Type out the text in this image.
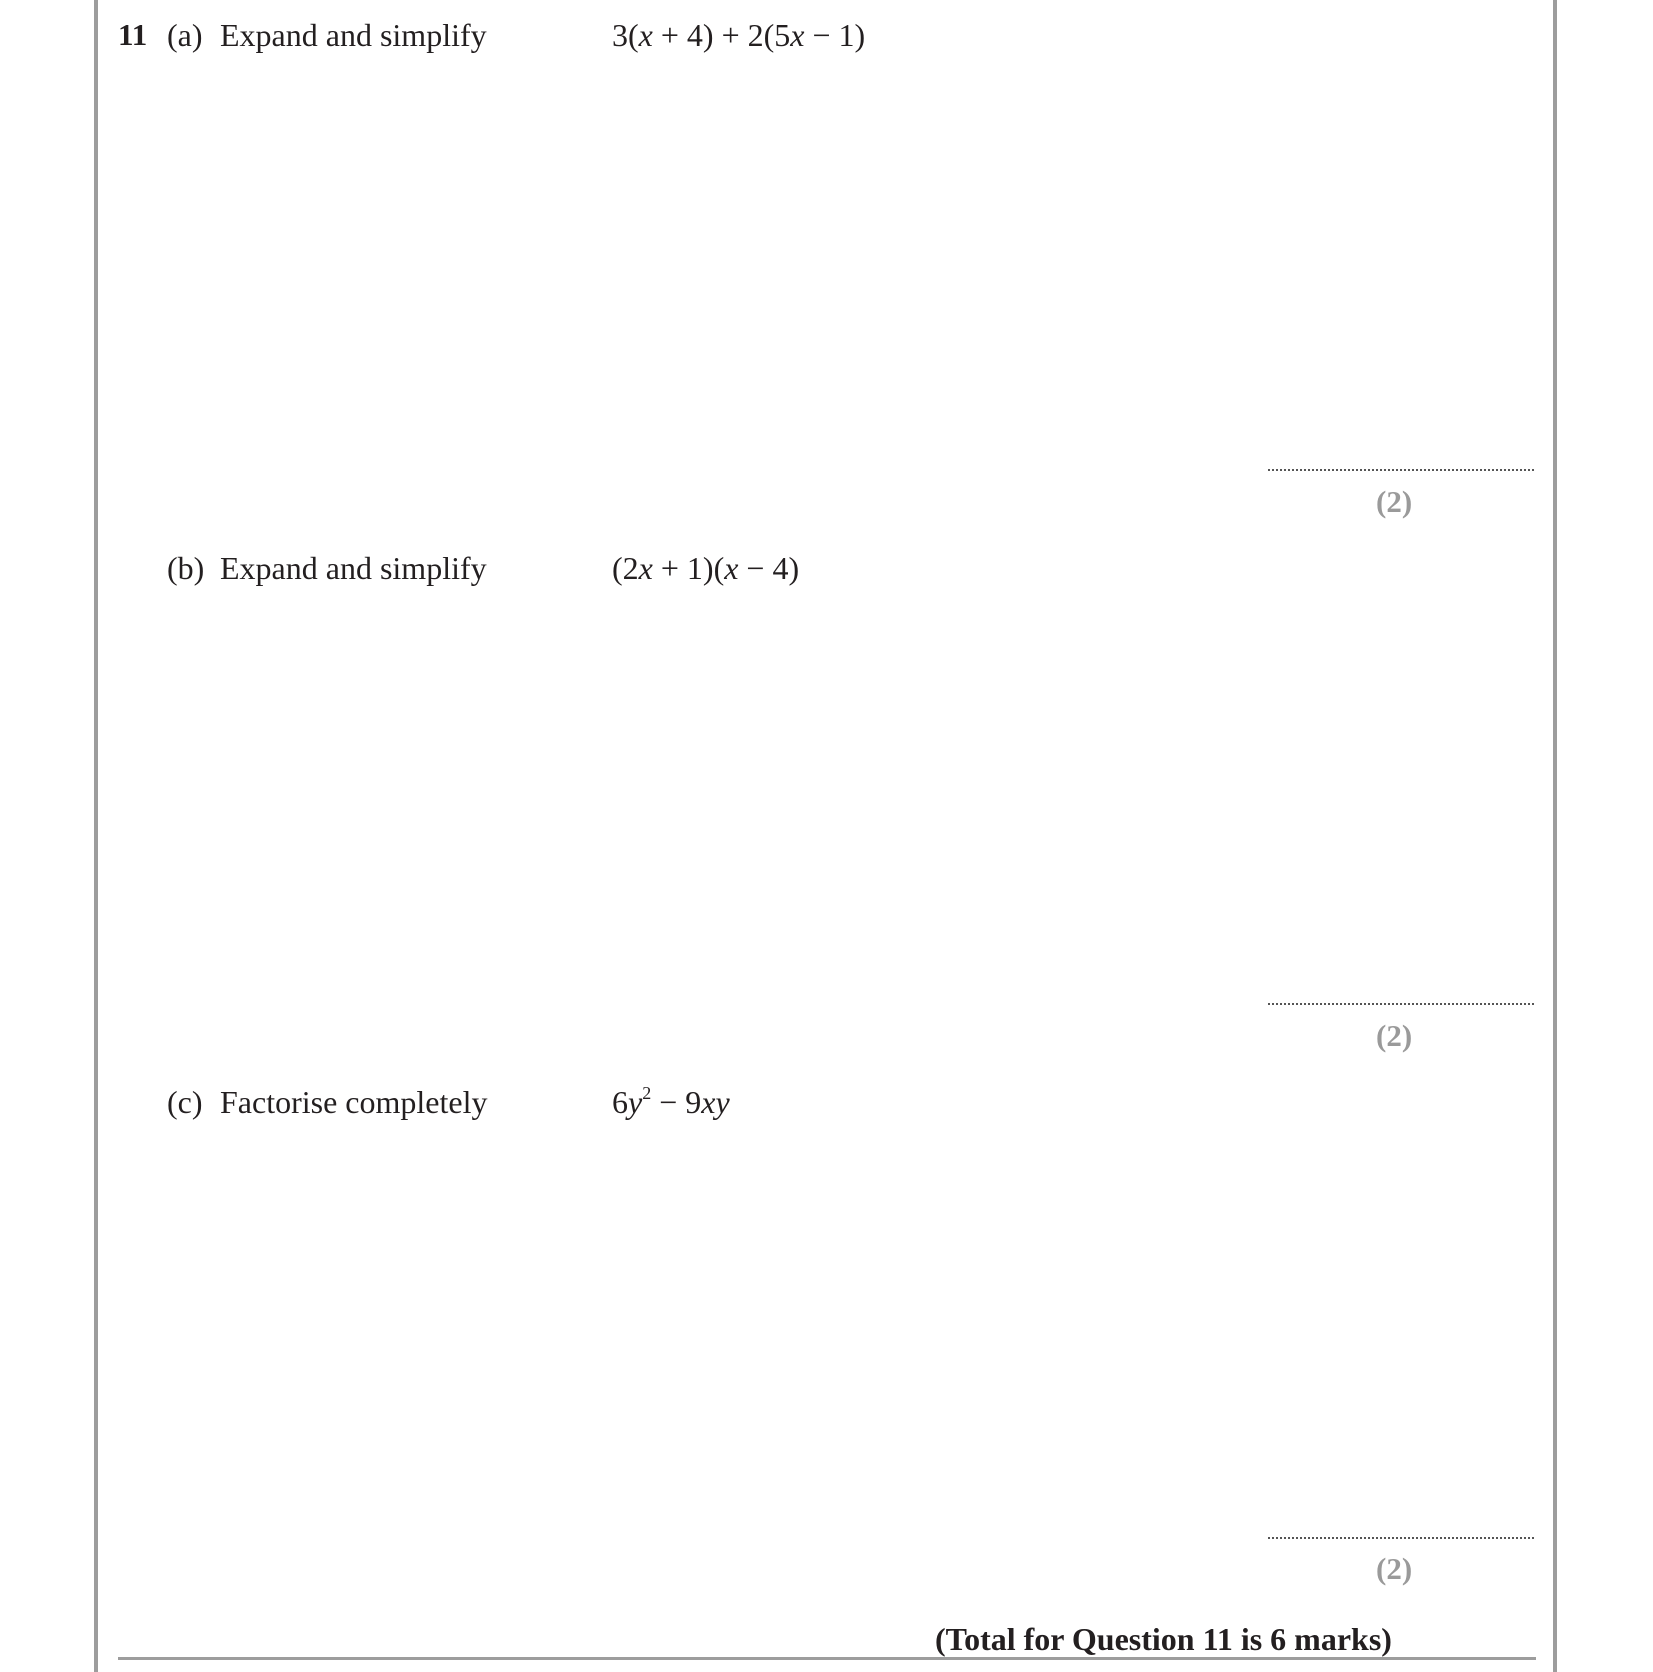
11 (a) Expand and simplify	3(x + 4) + 2(5x − 1)
(2)
(b) Expand and simplify	(2x + 1)(x − 4)
(2)
(c) Factorise completely	$6y^2 - 9xy$
(2)
(Total for Question 11 is 6 marks)
